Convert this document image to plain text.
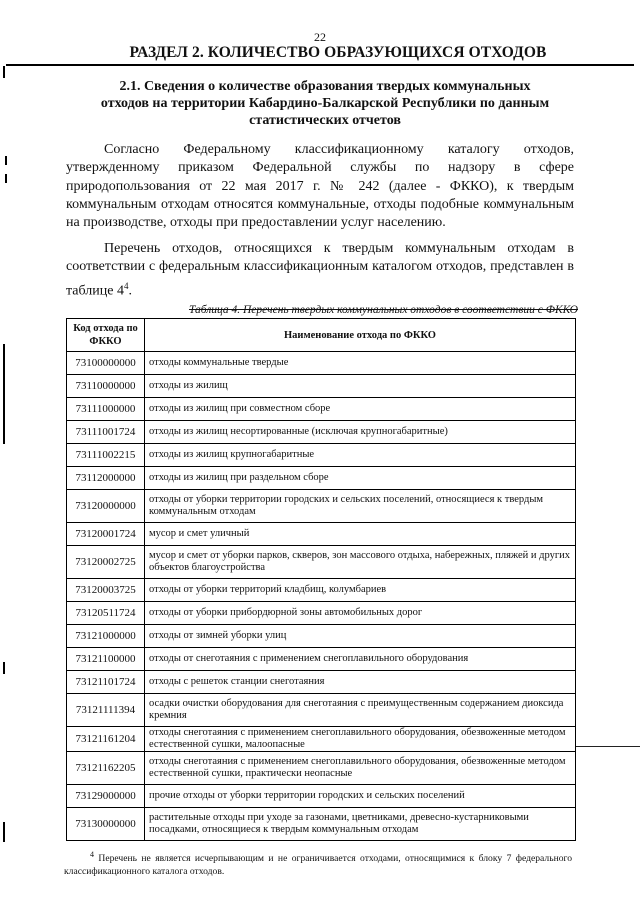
22
РАЗДЕЛ 2. КОЛИЧЕСТВО ОБРАЗУЮЩИХСЯ ОТХОДОВ
2.1. Сведения о количестве образования твердых коммунальных
отходов на территории Кабардино-Балкарской Республики по данным
статистических отчетов
Согласно Федеральному классификационному каталогу отходов, утвержденному приказом Федеральной службы по надзору в сфере природопользования от 22 мая 2017 г. № 242 (далее - ФККО), к твердым коммунальным отходам относятся коммунальные, отходы подобные коммунальным на производстве, отходы при предоставлении услуг населению.
Перечень отходов, относящихся к твердым коммунальным отходам в соответствии с федеральным классификационным каталогом отходов, представлен в таблице $4^4$.
Таблица 4. Перечень твердых коммунальных отходов в соответствии с ФККО
Код отхода по ФККО	Наименование отхода по ФККО
73100000000	отходы коммунальные твердые
73110000000	отходы из жилищ
73111000000	отходы из жилищ при совместном сборе
73111001724	отходы из жилищ несортированные (исключая крупногабаритные)
73111002215	отходы из жилищ крупногабаритные
73112000000	отходы из жилищ при раздельном сборе
73120000000	отходы от уборки территории городских и сельских поселений, относящиеся к твердым коммунальным отходам
73120001724	мусор и смет уличный
73120002725	мусор и смет от уборки парков, скверов, зон массового отдыха, набережных, пляжей и других объектов благоустройства
73120003725	отходы от уборки территорий кладбищ, колумбариев
73120511724	отходы от уборки прибордюрной зоны автомобильных дорог
73121000000	отходы от зимней уборки улиц
73121100000	отходы от снеготаяния с применением снегоплавильного оборудования
73121101724	отходы с решеток станции снеготаяния
73121111394	осадки очистки оборудования для снеготаяния с преимущественным содержанием диоксида кремния
73121161204	отходы снеготаяния с применением снегоплавильного оборудования, обезвоженные методом естественной сушки, малоопасные
73121162205	отходы снеготаяния с применением снегоплавильного оборудования, обезвоженные методом естественной сушки, практически неопасные
73129000000	прочие отходы от уборки территории городских и сельских поселений
73130000000	растительные отходы при уходе за газонами, цветниками, древесно-кустарниковыми посадками, относящиеся к твердым коммунальным отходам
$^4$ Перечень не является исчерпывающим и не ограничивается отходами, относящимися к блоку 7 федерального классификационного каталога отходов.
